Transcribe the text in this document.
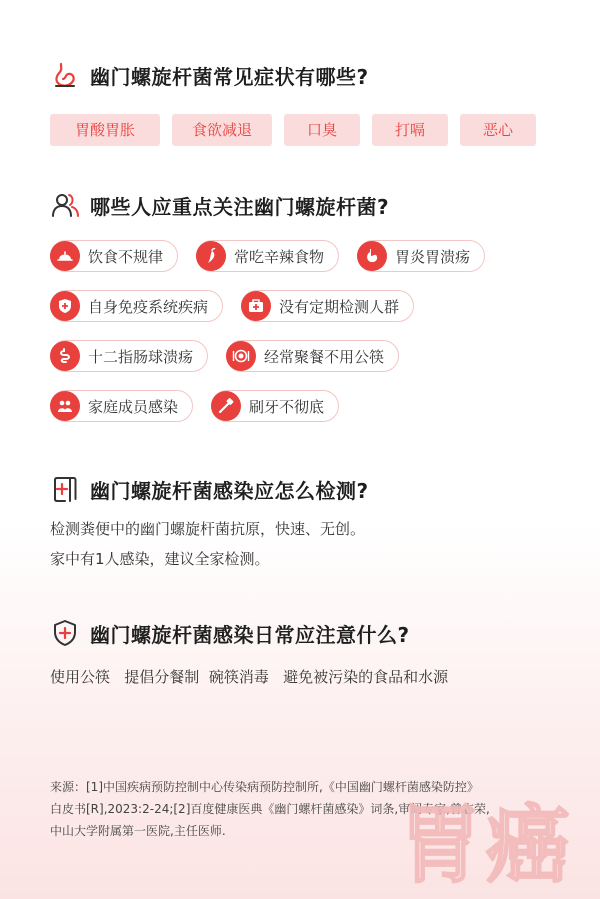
幽门螺旋杆菌常见症状有哪些?
胃酸胃胀	食欲减退	口臭	打嗝	恶心
哪些人应重点关注幽门螺旋杆菌?
饮食不规律	常吃辛辣食物	胃炎胃溃疡
自身免疫系统疾病	没有定期检测人群
十二指肠球溃疡	经常聚餐不用公筷
家庭成员感染	刷牙不彻底
幽门螺旋杆菌感染应怎么检测?
检测粪便中的幽门螺旋杆菌抗原，快速、无创。
家中有1人感染，建议全家检测。
幽门螺旋杆菌感染日常应注意什么?
使用公筷   提倡分餐制  碗筷消毒   避免被污染的食品和水源
来源：[1]中国疾病预防控制中心传染病预防控制所,《中国幽门螺杆菌感染防控》
白皮书[R],2023:2-24;[2]百度健康医典《幽门螺杆菌感染》词条,审阅专家,曾志荣,
中山大学附属第一医院,主任医师.	胃癌
